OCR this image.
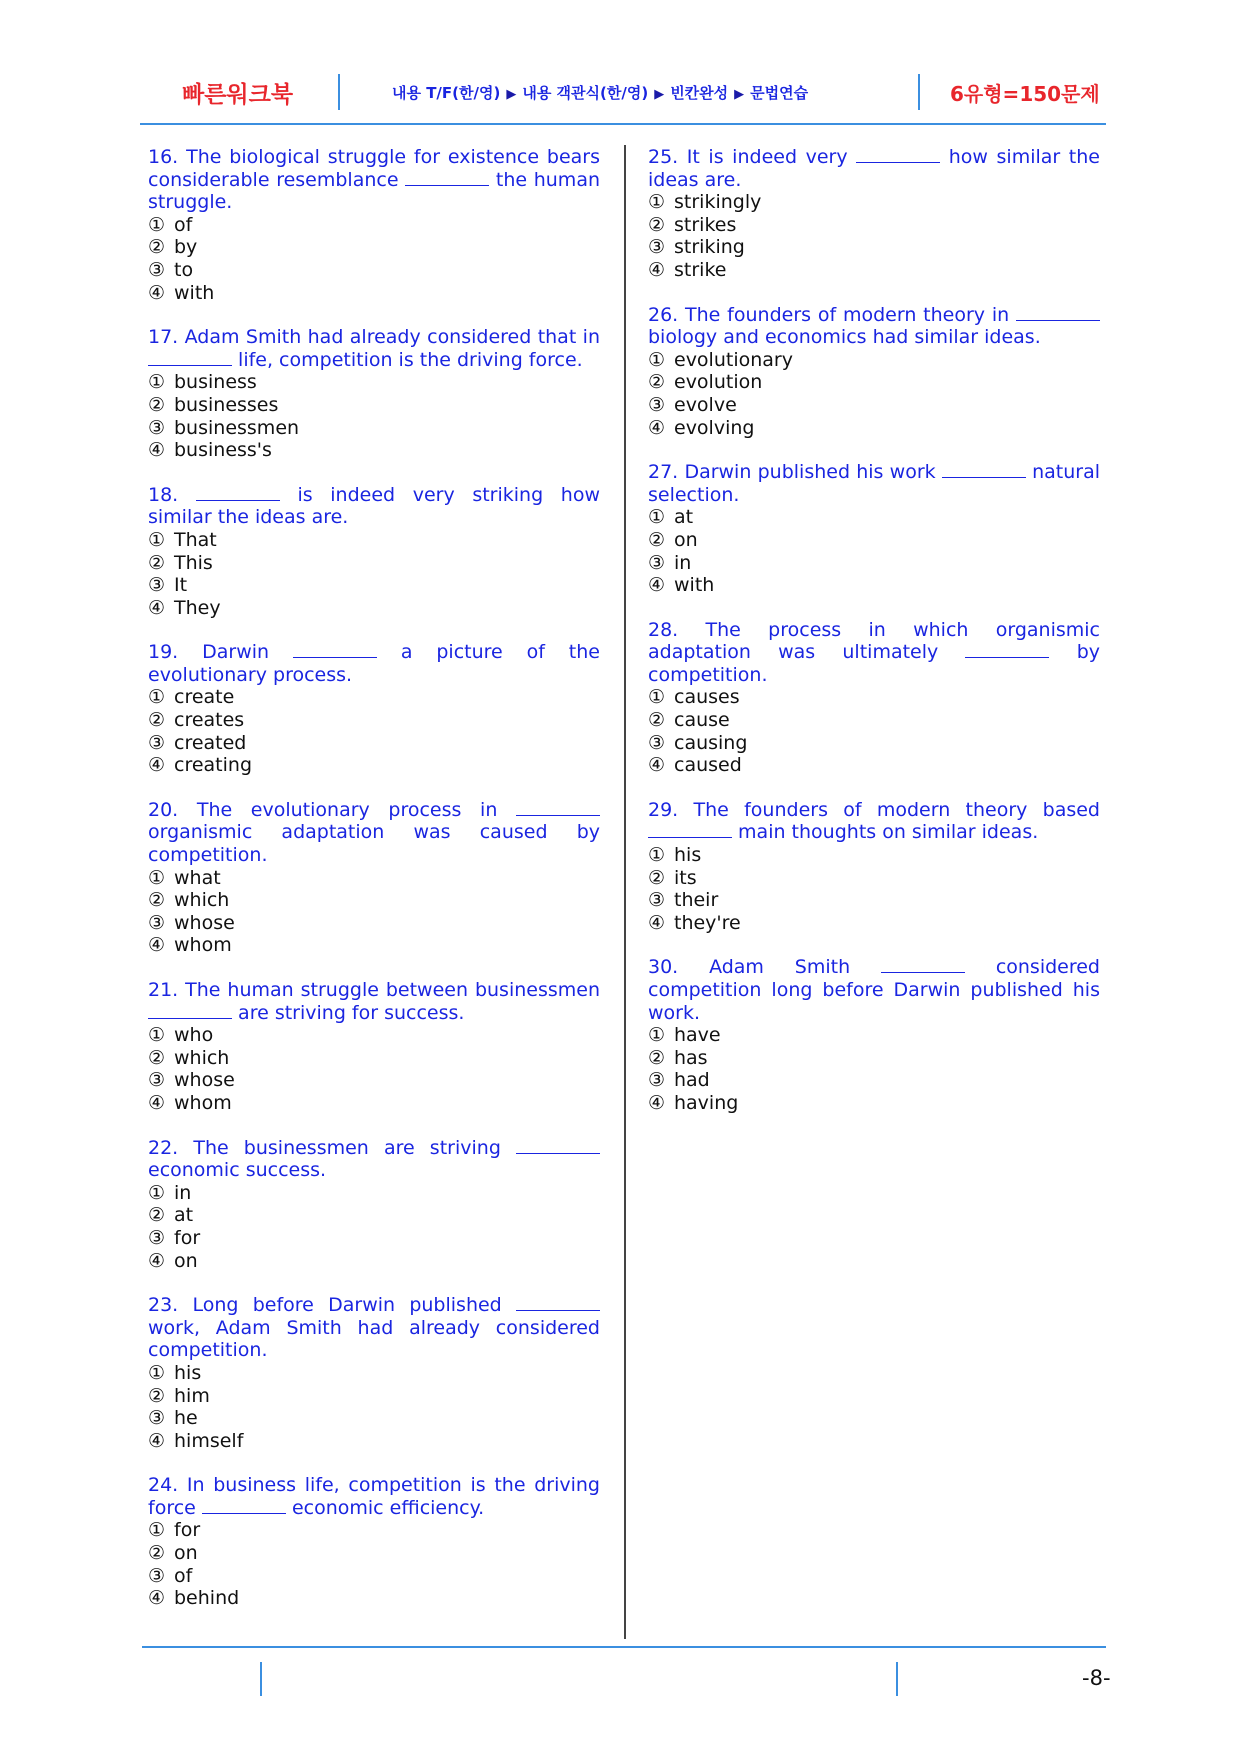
빠른워크북	내용 T/F(한/영) ▶ 내용 객관식(한/영) ▶ 빈칸완성 ▶ 문법연습	6유형=150문제

16. The biological struggle for existence bears considerable resemblance	the human struggle.

① of
② by
③ to
④ with

17. Adam Smith had already considered that in  life, competition is the driving force.

① business
② businesses
③ businessmen
④ business's

18.	is indeed very striking how similar the ideas are.

① That
② This
③ It
④ They

19. Darwin	a picture of the evolutionary process.

① create
② creates
③ created
④ creating

20. The evolutionary process in  organismic adaptation was caused by competition.

① what
② which
③ whose
④ whom

21. The human struggle between businessmen  are striving for success.

① who
② which
③ whose
④ whom

22. The businessmen are striving  economic success.

① in
② at
③ for
④ on

23. Long before Darwin published  work, Adam Smith had already considered competition.

① his
② him
③ he
④ himself

24. In business life, competition is the driving force	economic efficiency.

① for
② on
③ of
④ behind

25. It is indeed very	how similar the ideas are.

① strikingly
② strikes
③ striking
④ strike

26. The founders of modern theory in  biology and economics had similar ideas.

① evolutionary
② evolution
③ evolve
④ evolving

27. Darwin published his work	natural selection.

① at
② on
③ in
④ with

28. The process in which organismic adaptation was ultimately	by competition.

① causes
② cause
③ causing
④ caused

29. The founders of modern theory based  main thoughts on similar ideas.

① his
② its
③ their
④ they're

30. Adam Smith	considered competition long before Darwin published his work.

① have
② has
③ had
④ having
-8-
